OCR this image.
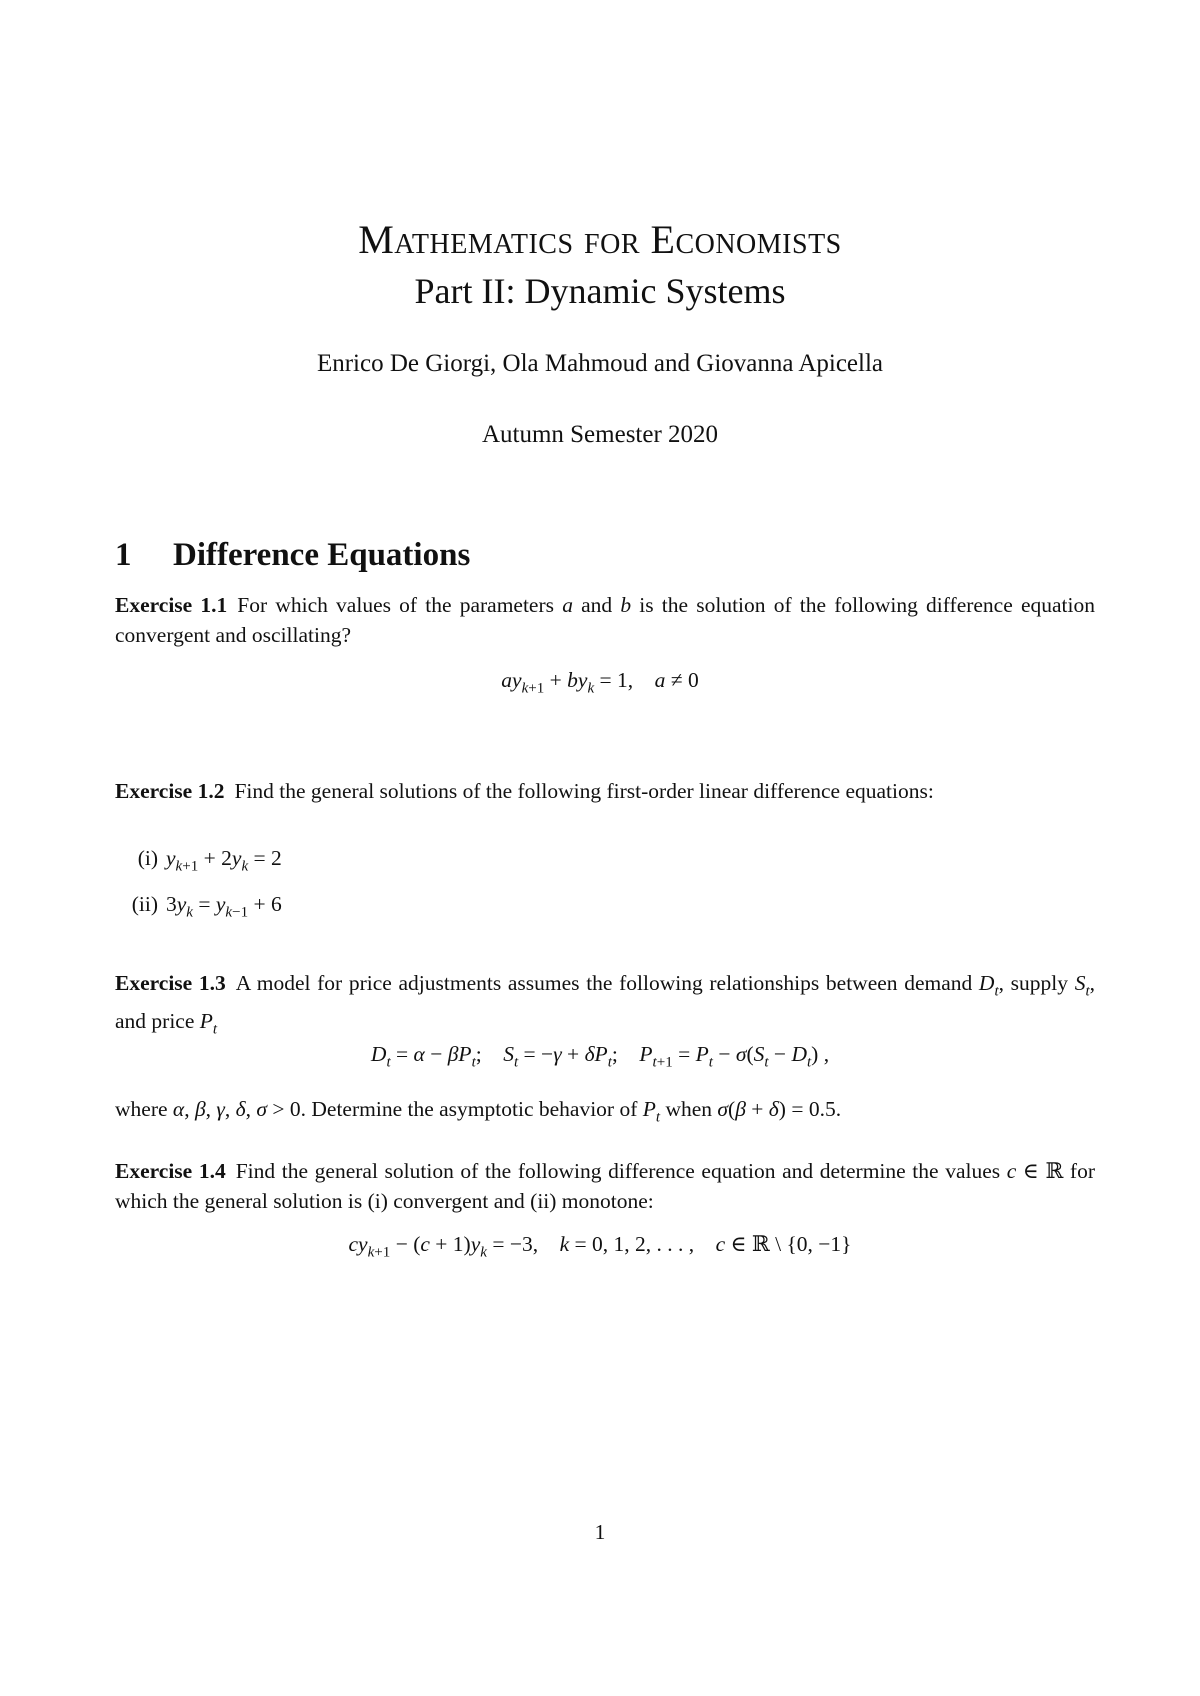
Mathematics for Economists
Part II: Dynamic Systems
Enrico De Giorgi, Ola Mahmoud and Giovanna Apicella
Autumn Semester 2020
1 Difference Equations
Exercise 1.1 For which values of the parameters a and b is the solution of the following difference equation convergent and oscillating?
$ay_{k+1} + by_k = 1$,    a ≠ 0
Exercise 1.2 Find the general solutions of the following first-order linear difference equations:
(i) $y_{k+1} + 2y_k = 2$
(ii) $3y_k = y_{k-1} + 6$
Exercise 1.3 A model for price adjustments assumes the following relationships between demand $D_t$, supply $S_t$, and price $P_t$
$D_t = \alpha - \beta P_t$;    $S_t = -\gamma + \delta P_t$;    $P_{t+1} = P_t - \sigma(S_t - D_t)$ ,
where α, β, γ, δ, σ > 0. Determine the asymptotic behavior of $P_t$ when σ(β + δ) = 0.5.
Exercise 1.4 Find the general solution of the following difference equation and determine the values c ∈ ℝ for which the general solution is (i) convergent and (ii) monotone:
$cy_{k+1} - (c + 1)y_k = -3$,    k = 0, 1, 2, . . . ,    c ∈ ℝ \ {0, −1}
1
